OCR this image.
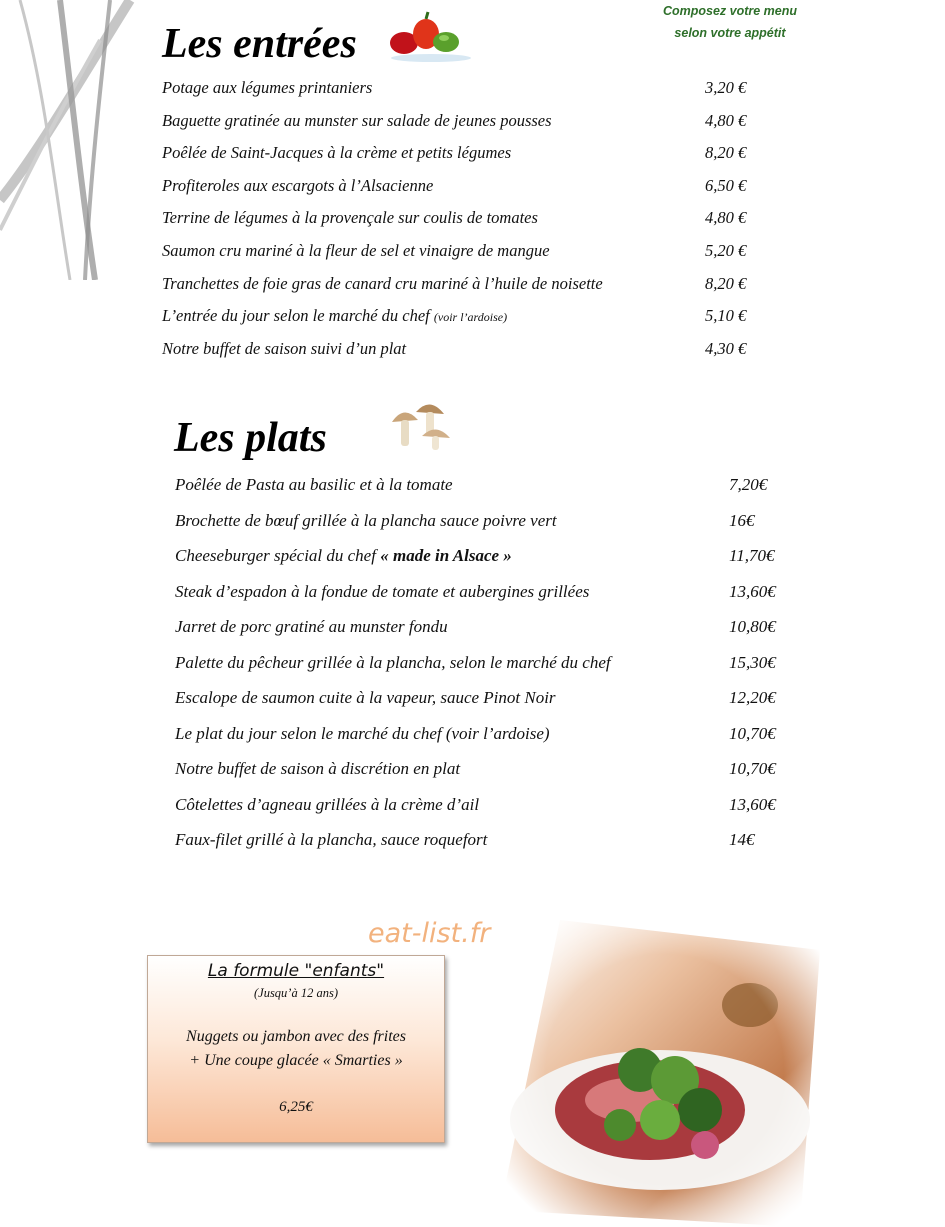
Composez votre menu
selon votre appétit
Les entrées
Potage aux légumes printaniers	3,20 €
Baguette gratinée au munster sur salade de jeunes pousses	4,80 €
Poêlée de Saint-Jacques à la crème et petits légumes	8,20 €
Profiteroles aux escargots à l’Alsacienne	6,50 €
Terrine de légumes à la provençale sur coulis de tomates	4,80 €
Saumon cru mariné à la fleur de sel et vinaigre de mangue	5,20 €
Tranchettes de foie gras de canard cru mariné à l’huile de noisette	8,20 €
L’entrée du jour selon le marché du chef (voir l’ardoise)	5,10 €
Notre buffet de saison suivi d’un plat	4,30 €
Les plats
Poêlée de Pasta au basilic et à la tomate	7,20€
Brochette de bœuf grillée à la plancha sauce poivre vert	16€
Cheeseburger spécial du chef « made in Alsace »	11,70€
Steak d’espadon à la fondue de tomate et aubergines grillées	13,60€
Jarret de porc gratiné au munster fondu	10,80€
Palette du pêcheur grillée à la plancha, selon le marché du chef	15,30€
Escalope de saumon cuite à la vapeur, sauce Pinot Noir	12,20€
Le plat du jour selon le marché du chef (voir l’ardoise)	10,70€
Notre buffet de saison à discrétion en plat	10,70€
Côtelettes d’agneau grillées à la crème d’ail	13,60€
Faux-filet grillé à la plancha, sauce roquefort	14€
eat-list.fr
La formule "enfants"
(Jusqu’à 12 ans)
Nuggets ou jambon avec des frites
+ Une coupe glacée « Smarties »
6,25€
